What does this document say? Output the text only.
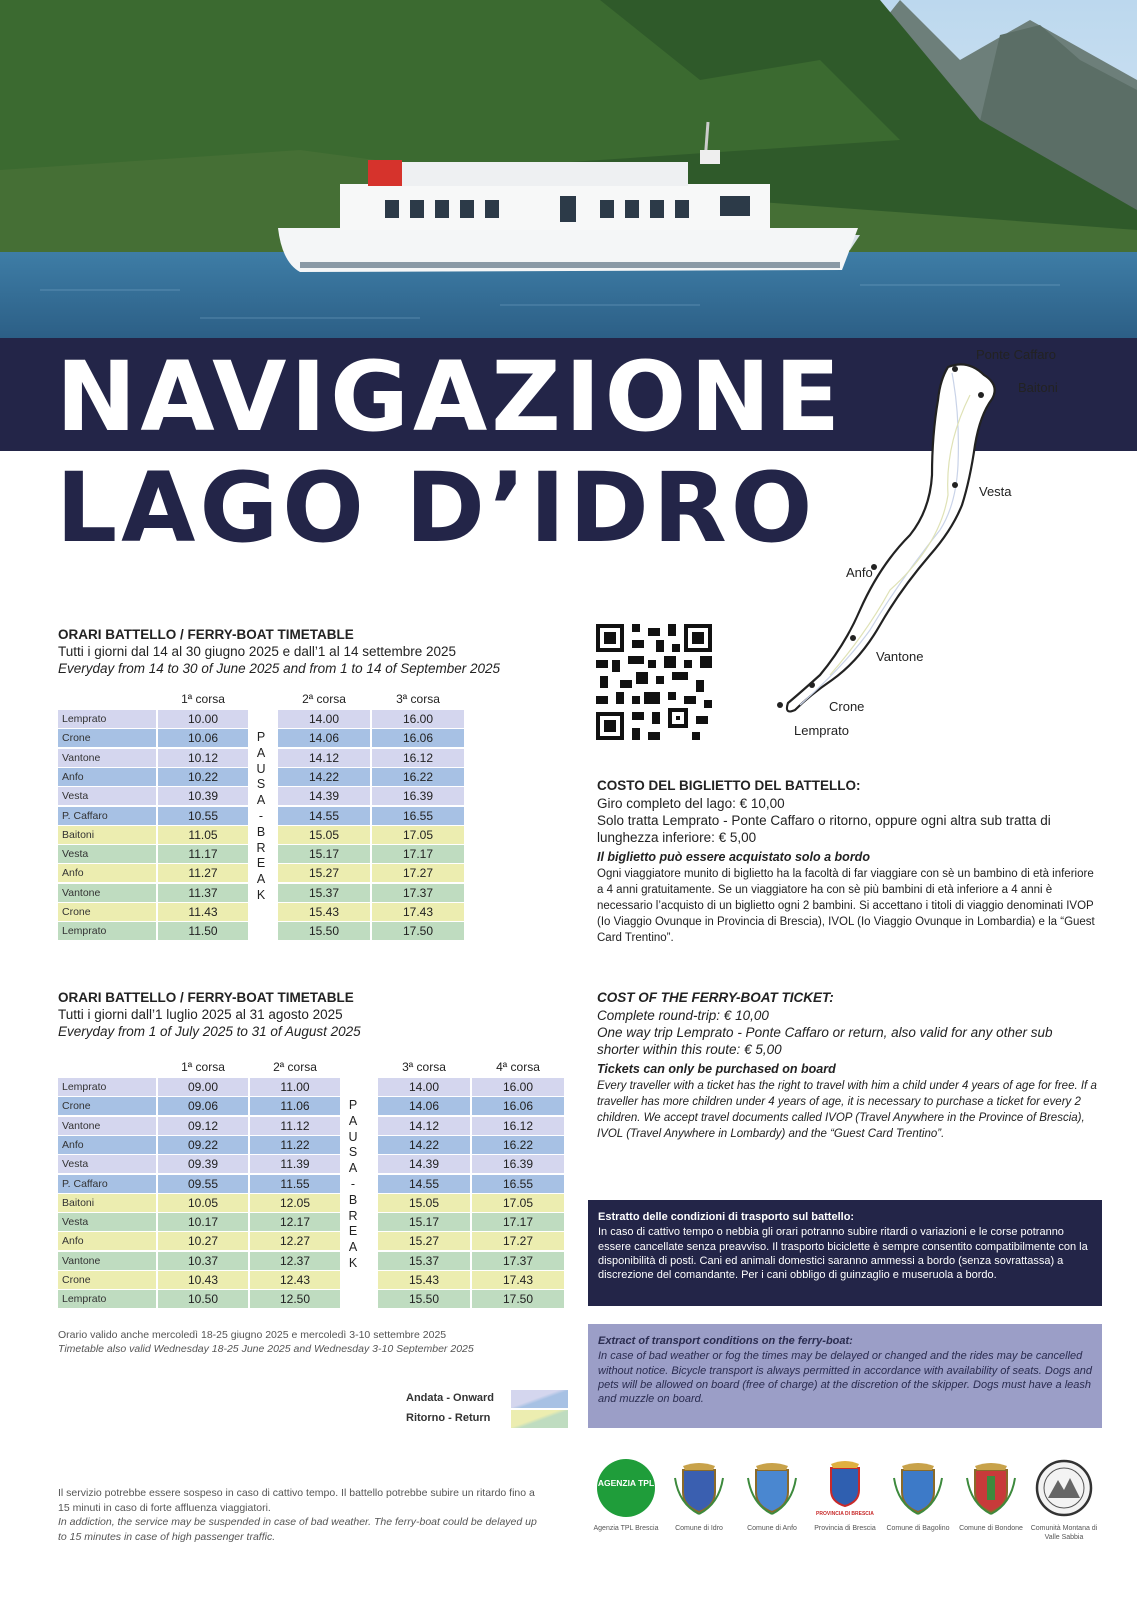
NAVIGAZIONE
LAGO D’IDRO
Ponte Caffaro
Baitoni
Vesta
Anfo
Vantone
Crone
Lemprato
ORARI BATTELLO / FERRY-BOAT TIMETABLE
Tutti i giorni dal 14 al 30 giugno 2025 e dall’1 al 14 settembre 2025
Everyday from 14 to 30 of June 2025 and from 1 to 14 of September 2025
1ª corsa	2ª corsa	3ª corsa
Lemprato	10.00	14.00	16.00
Crone	10.06	14.06	16.06
Vantone	10.12	14.12	16.12
Anfo	10.22	14.22	16.22
Vesta	10.39	14.39	16.39
P. Caffaro	10.55	14.55	16.55
Baitoni	11.05	15.05	17.05
Vesta	11.17	15.17	17.17
Anfo	11.27	15.27	17.27
Vantone	11.37	15.37	17.37
Crone	11.43	15.43	17.43
Lemprato	11.50	15.50	17.50
P
A
U
S
A
-
B
R
E
A
K
ORARI BATTELLO / FERRY-BOAT TIMETABLE
Tutti i giorni dall’1 luglio 2025 al 31 agosto 2025
Everyday from 1 of July 2025 to 31 of August 2025
1ª corsa	2ª corsa	3ª corsa	4ª corsa
Lemprato	09.00	11.00	14.00	16.00
Crone	09.06	11.06	14.06	16.06
Vantone	09.12	11.12	14.12	16.12
Anfo	09.22	11.22	14.22	16.22
Vesta	09.39	11.39	14.39	16.39
P. Caffaro	09.55	11.55	14.55	16.55
Baitoni	10.05	12.05	15.05	17.05
Vesta	10.17	12.17	15.17	17.17
Anfo	10.27	12.27	15.27	17.27
Vantone	10.37	12.37	15.37	17.37
Crone	10.43	12.43	15.43	17.43
Lemprato	10.50	12.50	15.50	17.50
P
A
U
S
A
-
B
R
E
A
K
Orario valido anche mercoledì 18-25 giugno 2025 e mercoledì 3-10 settembre 2025
Timetable also valid Wednesday 18-25 June 2025 and Wednesday 3-10 September 2025
Andata - Onward
Ritorno - Return
COSTO DEL BIGLIETTO DEL BATTELLO:
Giro completo del lago: € 10,00
Solo tratta Lemprato - Ponte Caffaro o ritorno, oppure ogni altra sub tratta di lunghezza inferiore: € 5,00
Il biglietto può essere acquistato solo a bordo
Ogni viaggiatore munito di biglietto ha la facoltà di far viaggiare con sè un bambino di età inferiore a 4 anni gratuitamente. Se un viaggiatore ha con sè più bambini di età inferiore a 4 anni è necessario l’acquisto di un biglietto ogni 2 bambini. Si accettano i titoli di viaggio denominati IVOP (Io Viaggio Ovunque in Provincia di Brescia), IVOL (Io Viaggio Ovunque in Lombardia) e la “Guest Card Trentino”.
COST OF THE FERRY-BOAT TICKET:
Complete round-trip: € 10,00
One way trip Lemprato - Ponte Caffaro or return, also valid for any other sub shorter within this route: € 5,00
Tickets can only be purchased on board
Every traveller with a ticket has the right to travel with him a child under 4 years of age for free. If a traveller has more children under 4 years of age, it is necessary to purchase a ticket for every 2 children. We accept travel documents called IVOP (Travel Anywhere in the Province of Brescia), IVOL (Travel Anywhere in Lombardy) and the “Guest Card Trentino”.
Estratto delle condizioni di trasporto sul battello:
In caso di cattivo tempo o nebbia gli orari potranno subire ritardi o variazioni e le corse potranno essere cancellate senza preavviso. Il trasporto biciclette è sempre consentito compatibilmente con la disponibilità di posti. Cani ed animali domestici saranno ammessi a bordo (senza sovrattassa) a discrezione del comandante. Per i cani obbligo di guinzaglio e museruola a bordo.
Extract of transport conditions on the ferry-boat:
In case of bad weather or fog the times may be delayed or changed and the rides may be cancelled without notice. Bicycle transport is always permitted in accordance with availability of seats. Dogs and pets will be allowed on board (free of charge) at the discretion of the skipper. Dogs must have a leash and muzzle on board.
Il servizio potrebbe essere sospeso in caso di cattivo tempo. Il battello potrebbe subire un ritardo fino a 15 minuti in caso di forte affluenza viaggiatori.
In addiction, the service may be suspended in case of bad weather. The ferry-boat could be delayed up to 15 minutes in case of high passenger traffic.
AGENZIA TPL
Agenzia TPL Brescia	Comune di Idro	Comune di Anfo
PROVINCIA DI BRESCIA
Provincia di Brescia	Comune di Bagolino	Comune di Bondone	Comunità Montana di Valle Sabbia
